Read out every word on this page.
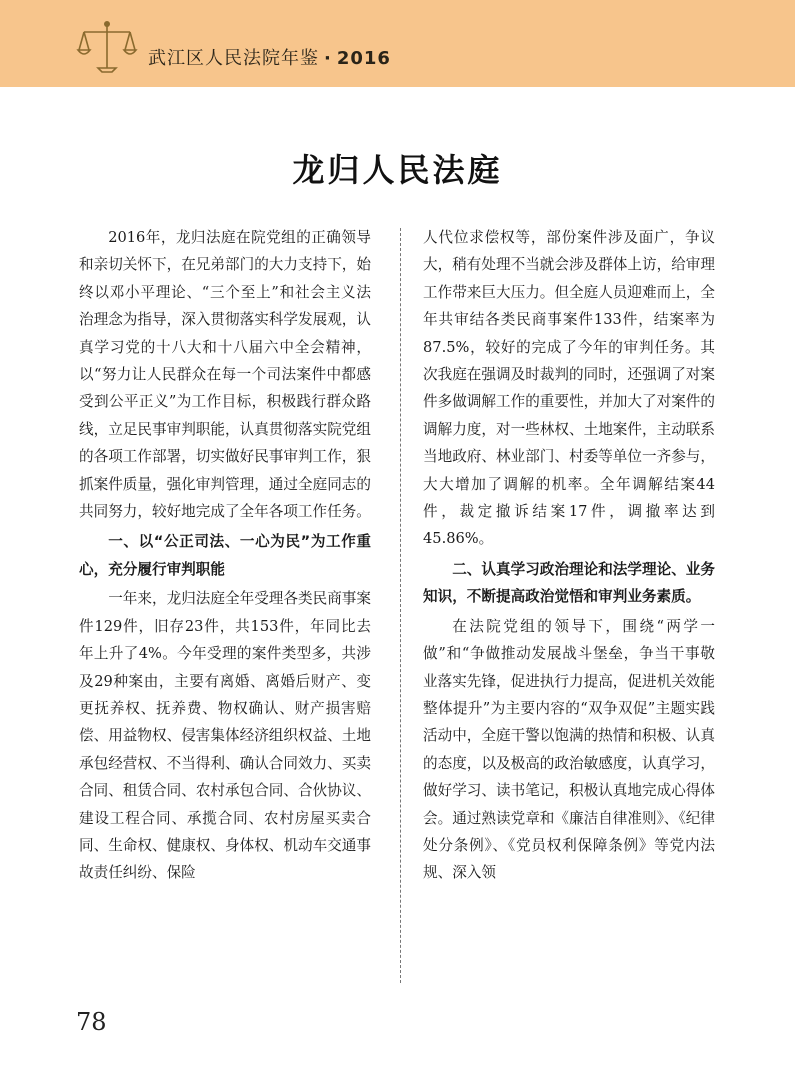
武江区人民法院年鉴 · 2016
龙归人民法庭

2016年，龙归法庭在院党组的正确领导和亲切关怀下，在兄弟部门的大力支持下，始终以邓小平理论、“三个至上”和社会主义法治理念为指导，深入贯彻落实科学发展观，认真学习党的十八大和十八届六中全会精神，以“努力让人民群众在每一个司法案件中都感受到公平正义”为工作目标，积极践行群众路线，立足民事审判职能，认真贯彻落实院党组的各项工作部署，切实做好民事审判工作，狠抓案件质量，强化审判管理，通过全庭同志的共同努力，较好地完成了全年各项工作任务。

一、以“公正司法、一心为民”为工作重心，充分履行审判职能

一年来，龙归法庭全年受理各类民商事案件129件，旧存23件，共153件，年同比去年上升了4%。今年受理的案件类型多，共涉及29种案由，主要有离婚、离婚后财产、变更抚养权、抚养费、物权确认、财产损害赔偿、用益物权、侵害集体经济组织权益、土地承包经营权、不当得利、确认合同效力、买卖合同、租赁合同、农村承包合同、合伙协议、建设工程合同、承揽合同、农村房屋买卖合同、生命权、健康权、身体权、机动车交通事故责任纠纷、保险

人代位求偿权等，部份案件涉及面广，争议大，稍有处理不当就会涉及群体上访，给审理工作带来巨大压力。但全庭人员迎难而上，全年共审结各类民商事案件133件，结案率为87.5%，较好的完成了今年的审判任务。其次我庭在强调及时裁判的同时，还强调了对案件多做调解工作的重要性，并加大了对案件的调解力度，对一些林权、土地案件，主动联系当地政府、林业部门、村委等单位一齐参与，大大增加了调解的机率。全年调解结案44件，裁定撤诉结案17件，调撤率达到45.86%。

二、认真学习政治理论和法学理论、业务知识，不断提高政治觉悟和审判业务素质。

在法院党组的领导下，围绕“两学一做”和“争做推动发展战斗堡垒，争当干事敬业落实先锋，促进执行力提高，促进机关效能整体提升”为主要内容的“双争双促”主题实践活动中，全庭干警以饱满的热情和积极、认真的态度，以及极高的政治敏感度，认真学习，做好学习、读书笔记，积极认真地完成心得体会。通过熟读党章和《廉洁自律准则》、《纪律处分条例》、《党员权利保障条例》等党内法规、深入领

78
